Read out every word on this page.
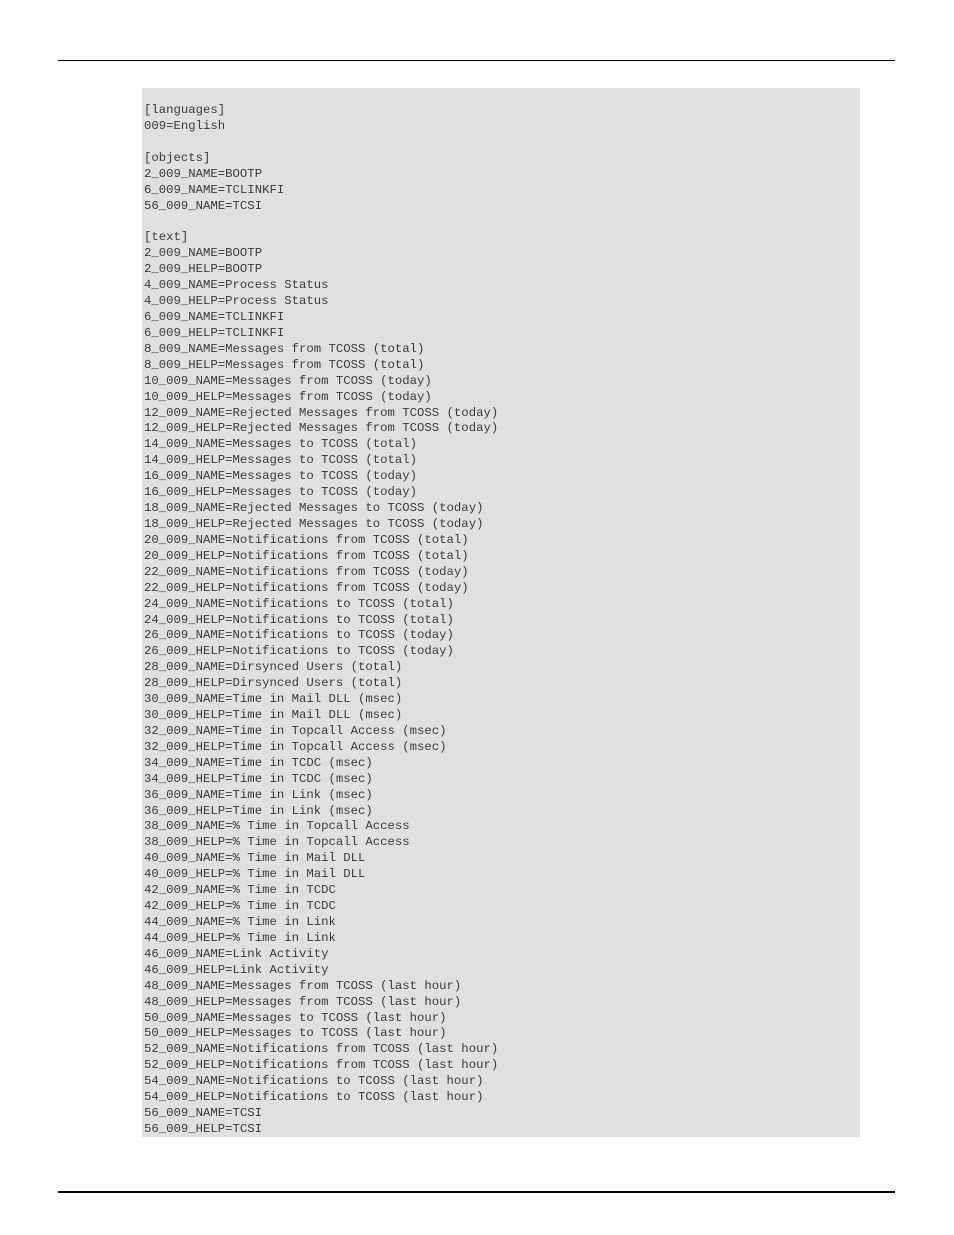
[languages]
009=English
[objects]
2_009_NAME=BOOTP
6_009_NAME=TCLINKFI
56_009_NAME=TCSI
[text]
2_009_NAME=BOOTP
2_009_HELP=BOOTP
4_009_NAME=Process Status
4_009_HELP=Process Status
6_009_NAME=TCLINKFI
6_009_HELP=TCLINKFI
8_009_NAME=Messages from TCOSS (total)
8_009_HELP=Messages from TCOSS (total)
10_009_NAME=Messages from TCOSS (today)
10_009_HELP=Messages from TCOSS (today)
12_009_NAME=Rejected Messages from TCOSS (today)
12_009_HELP=Rejected Messages from TCOSS (today)
14_009_NAME=Messages to TCOSS (total)
14_009_HELP=Messages to TCOSS (total)
16_009_NAME=Messages to TCOSS (today)
16_009_HELP=Messages to TCOSS (today)
18_009_NAME=Rejected Messages to TCOSS (today)
18_009_HELP=Rejected Messages to TCOSS (today)
20_009_NAME=Notifications from TCOSS (total)
20_009_HELP=Notifications from TCOSS (total)
22_009_NAME=Notifications from TCOSS (today)
22_009_HELP=Notifications from TCOSS (today)
24_009_NAME=Notifications to TCOSS (total)
24_009_HELP=Notifications to TCOSS (total)
26_009_NAME=Notifications to TCOSS (today)
26_009_HELP=Notifications to TCOSS (today)
28_009_NAME=Dirsynced Users (total)
28_009_HELP=Dirsynced Users (total)
30_009_NAME=Time in Mail DLL (msec)
30_009_HELP=Time in Mail DLL (msec)
32_009_NAME=Time in Topcall Access (msec)
32_009_HELP=Time in Topcall Access (msec)
34_009_NAME=Time in TCDC (msec)
34_009_HELP=Time in TCDC (msec)
36_009_NAME=Time in Link (msec)
36_009_HELP=Time in Link (msec)
38_009_NAME=% Time in Topcall Access
38_009_HELP=% Time in Topcall Access
40_009_NAME=% Time in Mail DLL
40_009_HELP=% Time in Mail DLL
42_009_NAME=% Time in TCDC
42_009_HELP=% Time in TCDC
44_009_NAME=% Time in Link
44_009_HELP=% Time in Link
46_009_NAME=Link Activity
46_009_HELP=Link Activity
48_009_NAME=Messages from TCOSS (last hour)
48_009_HELP=Messages from TCOSS (last hour)
50_009_NAME=Messages to TCOSS (last hour)
50_009_HELP=Messages to TCOSS (last hour)
52_009_NAME=Notifications from TCOSS (last hour)
52_009_HELP=Notifications from TCOSS (last hour)
54_009_NAME=Notifications to TCOSS (last hour)
54_009_HELP=Notifications to TCOSS (last hour)
56_009_NAME=TCSI
56_009_HELP=TCSI
